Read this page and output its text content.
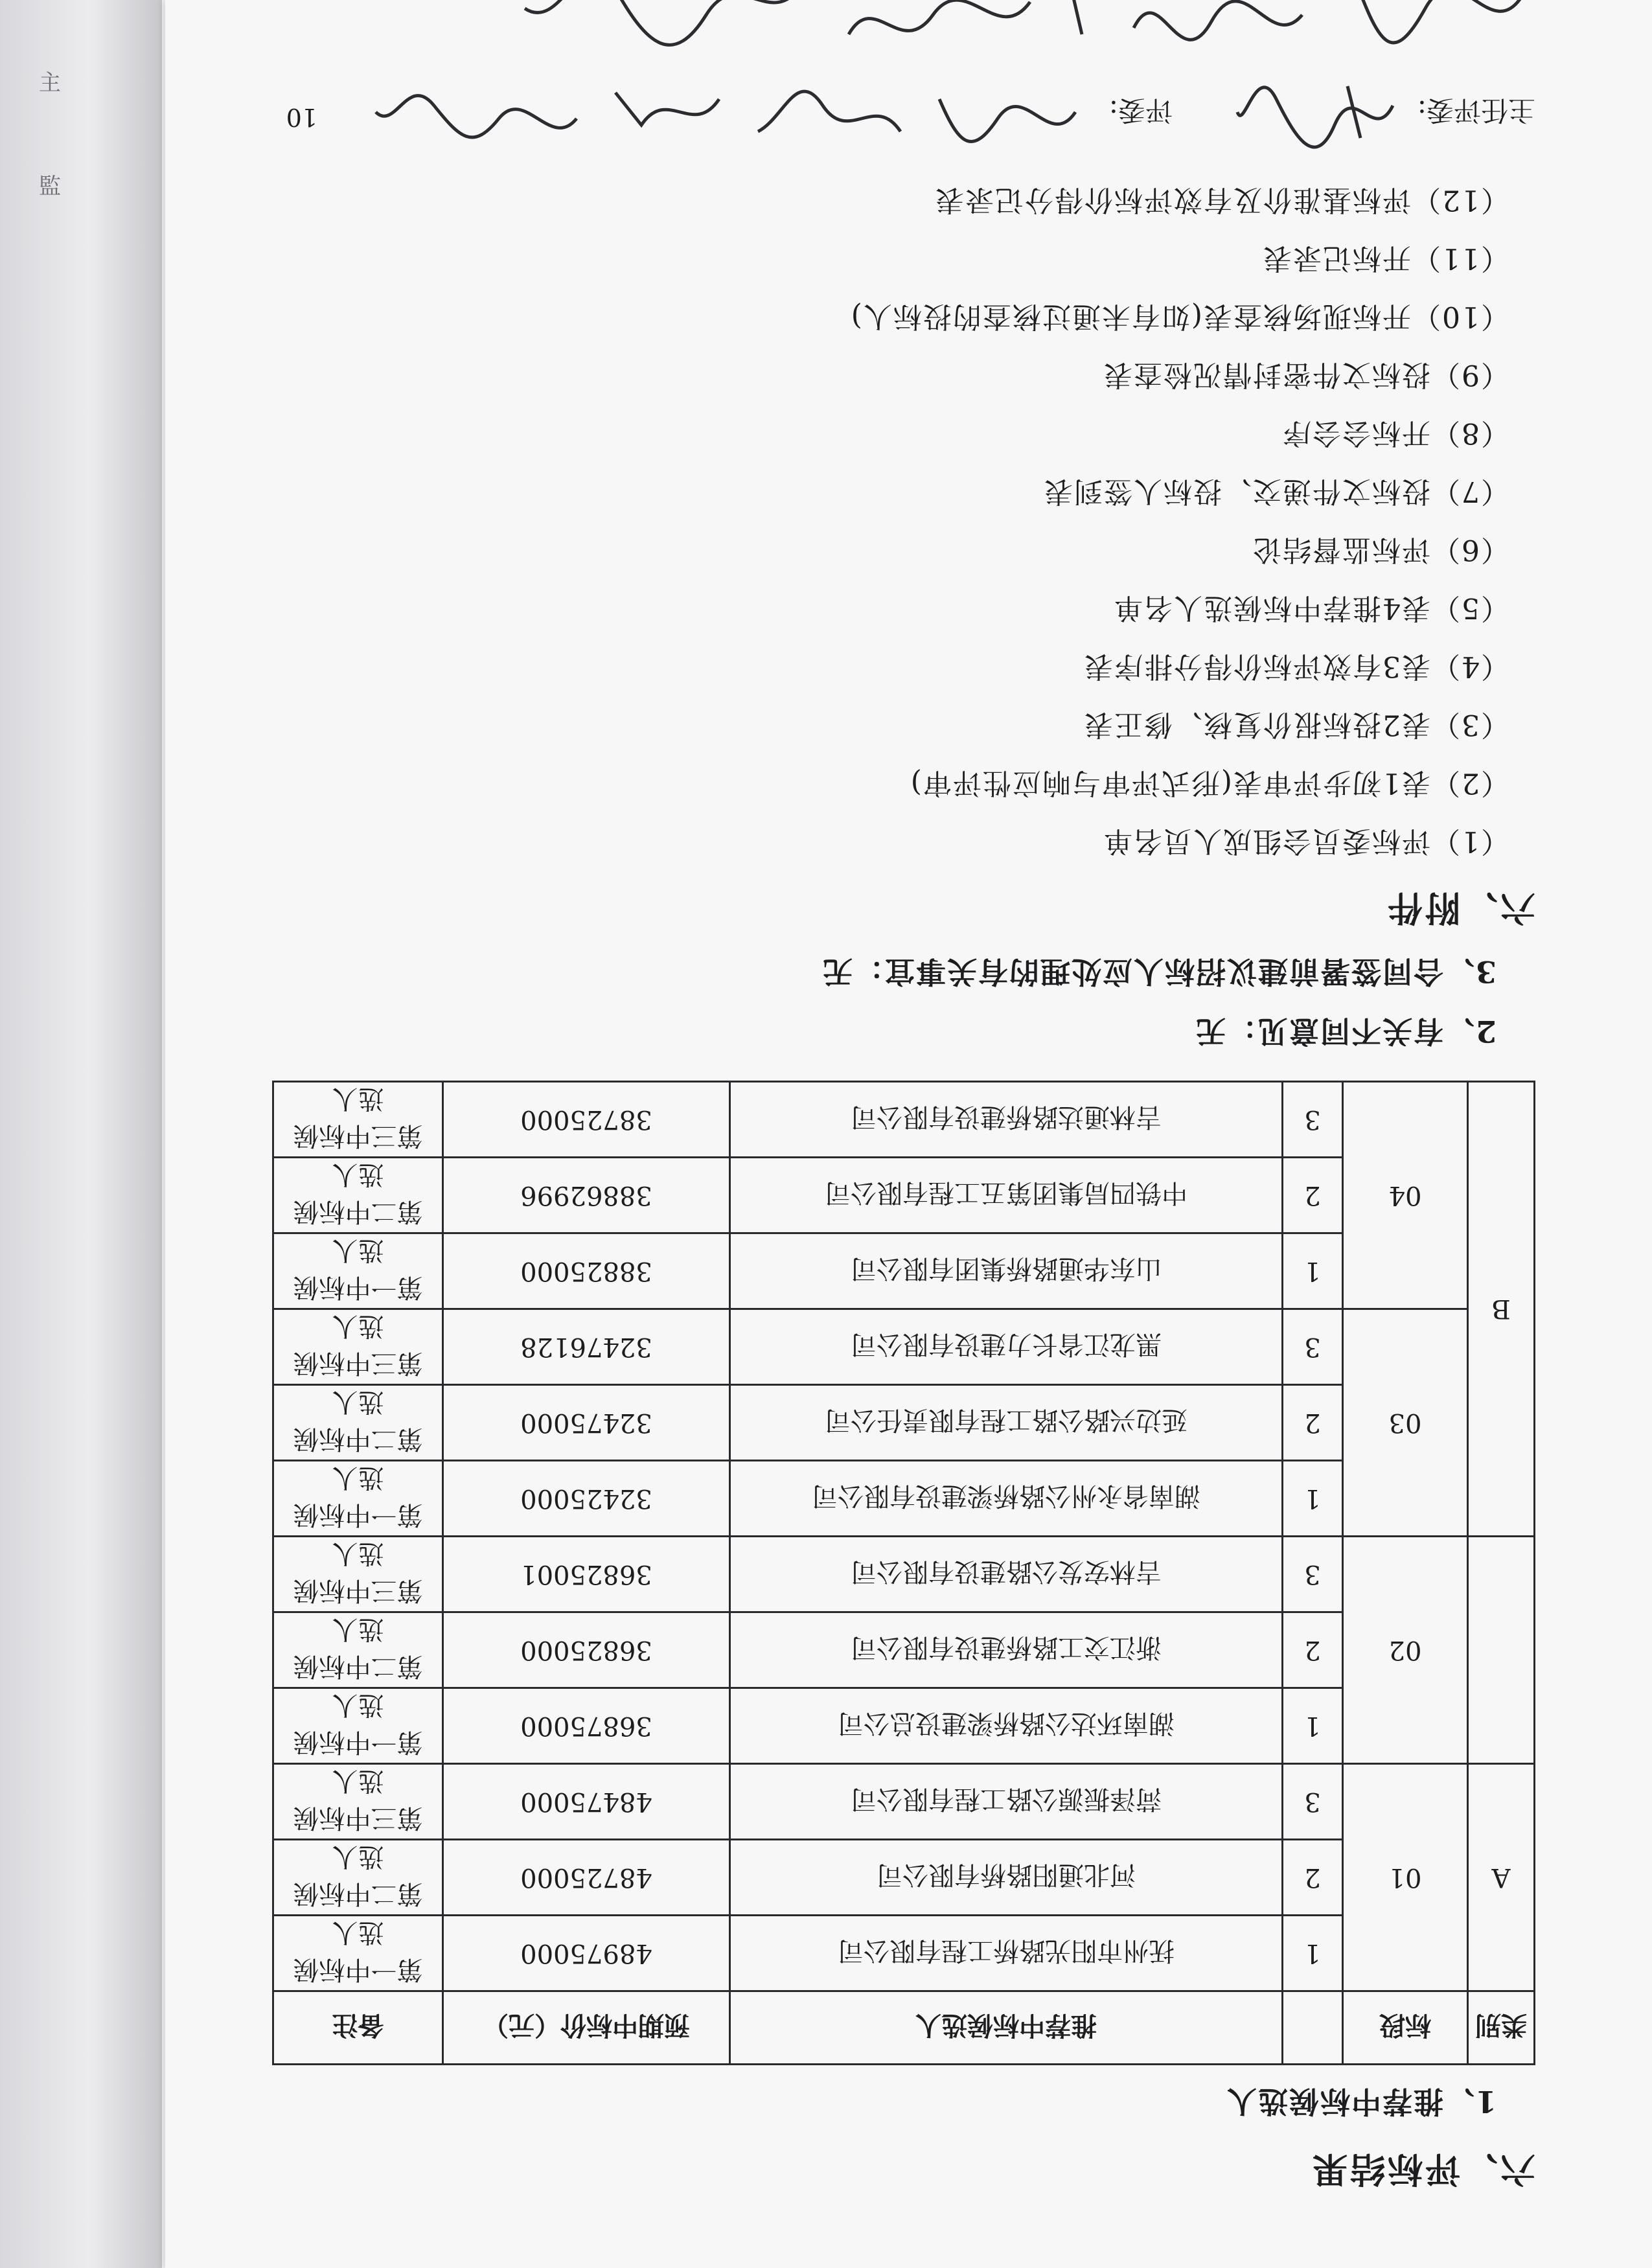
主
監
六、评标结果

1、推荐中标候选人

类别	标段		推荐中标候选人	预期中标价（元）	备注
A	01	1	抚州市阳光路桥工程有限公司	48975000	第一中标候选人
		2	河北通阳路桥有限公司	48725000	第二中标候选人
		3	菏泽振源公路工程有限公司	48475000	第三中标候选人
	02	1	湖南环达公路桥梁建设总公司	36875000	第一中标候选人
		2	浙江交工路桥建设有限公司	36825000	第二中标候选人
		3	吉林安发公路建设有限公司	36825001	第三中标候选人
B	03	1	湖南省永州公路桥梁建设有限公司	32425000	第一中标候选人
		2	延边兴路公路工程有限责任公司	32475000	第二中标候选人
		3	黑龙江省长力建设有限公司	32476128	第三中标候选人
	04	1	山东华通路桥集团有限公司	38825000	第一中标候选人
		2	中铁四局集团第五工程有限公司	38862996	第二中标候选人
		3	吉林通达路桥建设有限公司	38725000	第三中标候选人

2、有关不同意见：无

3、合同签署前建议招标人应处理的有关事宜：无

六、附件

（1）评标委员会组成人员名单

（2）表1初步评审表(形式评审与响应性评审)

（3）表2投标报价复核、修正表

（4）表3有效评标价得分排序表

（5）表4推荐中标候选人名单

（6）评标监督结论

（7）投标文件递交、投标人签到表

（8）开标会会序

（9）投标文件密封情况检查表

（10）开标现场核查表(如有未通过核查的投标人)

（11）开标记录表

（12）评标基准价及有效评标价得分记录表

主任评委:
评委:
10
